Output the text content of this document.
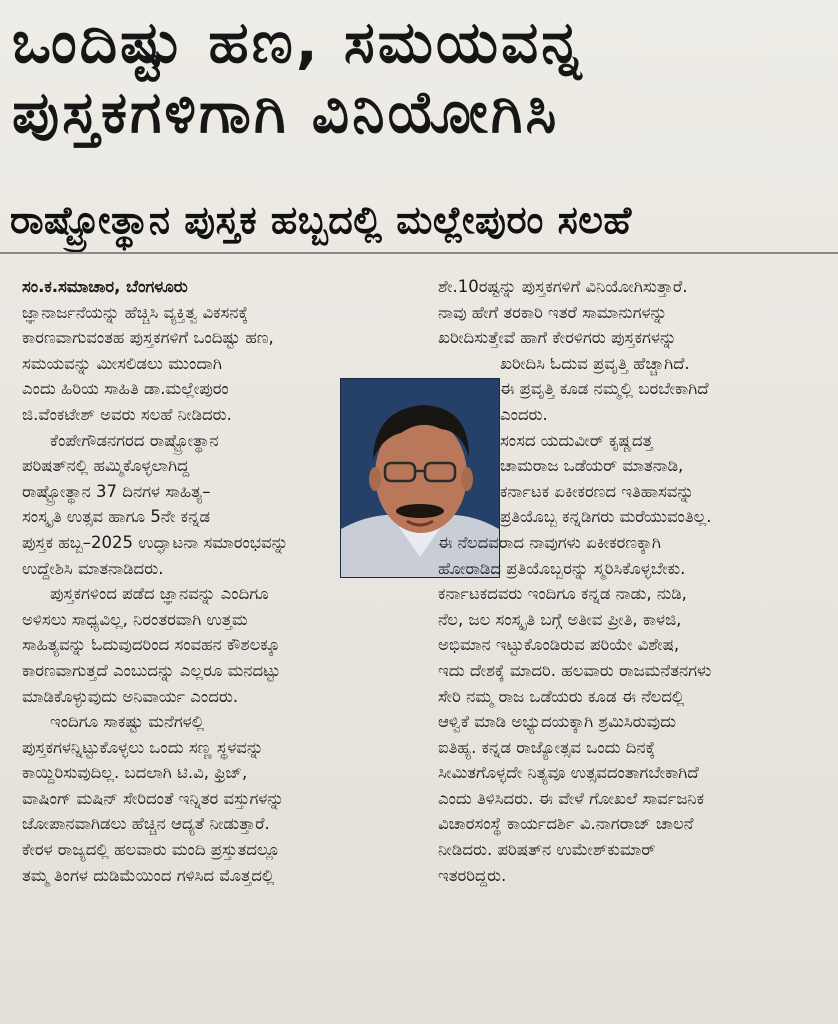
ಒಂದಿಷ್ಟು ಹಣ, ಸಮಯವನ್ನ
ಪುಸ್ತಕಗಳಿಗಾಗಿ ವಿನಿಯೋಗಿಸಿ
ರಾಷ್ಟ್ರೋತ್ಥಾನ ಪುಸ್ತಕ ಹಬ್ಬದಲ್ಲಿ ಮಲ್ಲೇಪುರಂ ಸಲಹೆ

ಸಂ.ಕ.ಸಮಾಚಾರ, ಬೆಂಗಳೂರು

ಜ್ಞಾನಾರ್ಜನೆಯನ್ನು ಹೆಚ್ಚಿಸಿ ವ್ಯಕ್ತಿತ್ವ ವಿಕಸನಕ್ಕೆ

ಕಾರಣವಾಗುವಂತಹ ಪುಸ್ತಕಗಳಿಗೆ ಒಂದಿಷ್ಟು ಹಣ,

ಸಮಯವನ್ನು ಮೀಸಲಿಡಲು ಮುಂದಾಗಿ

ಎಂದು ಹಿರಿಯ ಸಾಹಿತಿ ಡಾ.ಮಲ್ಲೇಪುರಂ

ಜಿ.ವೆಂಕಟೇಶ್ ಅವರು ಸಲಹೆ ನೀಡಿದರು.

ಕೆಂಪೇಗೌಡನಗರದ ರಾಷ್ಟ್ರೋತ್ಥಾನ

ಪರಿಷತ್‌ನಲ್ಲಿ ಹಮ್ಮಿಕೊಳ್ಳಲಾಗಿದ್ದ

ರಾಷ್ಟ್ರೋತ್ಥಾನ 37 ದಿನಗಳ ಸಾಹಿತ್ಯ–

ಸಂಸ್ಕೃತಿ ಉತ್ಸವ ಹಾಗೂ 5ನೇ ಕನ್ನಡ

ಪುಸ್ತಕ ಹಬ್ಬ–2025 ಉದ್ಘಾಟನಾ ಸಮಾರಂಭವನ್ನು

ಉದ್ದೇಶಿಸಿ ಮಾತನಾಡಿದರು.

ಪುಸ್ತಕಗಳಿಂದ ಪಡೆದ ಜ್ಞಾನವನ್ನು ಎಂದಿಗೂ

ಅಳಿಸಲು ಸಾಧ್ಯವಿಲ್ಲ, ನಿರಂತರವಾಗಿ ಉತ್ತಮ

ಸಾಹಿತ್ಯವನ್ನು ಓದುವುದರಿಂದ ಸಂವಹನ ಕೌಶಲಕ್ಕೂ

ಕಾರಣವಾಗುತ್ತದೆ ಎಂಬುದನ್ನು ಎಲ್ಲರೂ ಮನದಟ್ಟು

ಮಾಡಿಕೊಳ್ಳುವುದು ಅನಿವಾರ್ಯ ಎಂದರು.

ಇಂದಿಗೂ ಸಾಕಷ್ಟು ಮನೆಗಳಲ್ಲಿ

ಪುಸ್ತಕಗಳನ್ನಿಟ್ಟುಕೊಳ್ಳಲು ಒಂದು ಸಣ್ಣ ಸ್ಥಳವನ್ನು

ಕಾಯ್ದಿರಿಸುವುದಿಲ್ಲ. ಬದಲಾಗಿ ಟಿ.ವಿ, ಫ್ರಿಜ್,

ವಾಷಿಂಗ್ ಮಷಿನ್ ಸೇರಿದಂತೆ ಇನ್ನಿತರ ವಸ್ತುಗಳನ್ನು

ಜೋಪಾನವಾಗಿಡಲು ಹೆಚ್ಚಿನ ಆದ್ಯತೆ ನೀಡುತ್ತಾರೆ.

ಕೇರಳ ರಾಜ್ಯದಲ್ಲಿ ಹಲವಾರು ಮಂದಿ ಪ್ರಸ್ತುತದಲ್ಲೂ

ತಮ್ಮ ತಿಂಗಳ ದುಡಿಮೆಯಿಂದ ಗಳಿಸಿದ ಮೊತ್ತದಲ್ಲಿ

ಶೇ.10ರಷ್ಟನ್ನು ಪುಸ್ತಕಗಳಿಗೆ ವಿನಿಯೋಗಿಸುತ್ತಾರೆ.

ನಾವು ಹೇಗೆ ತರಕಾರಿ ಇತರೆ ಸಾಮಾನುಗಳನ್ನು

ಖರೀದಿಸುತ್ತೇವೆ ಹಾಗೆ ಕೇರಳಿಗರು ಪುಸ್ತಕಗಳನ್ನು

ಖರೀದಿಸಿ ಓದುವ ಪ್ರವೃತ್ತಿ ಹೆಚ್ಚಾಗಿದೆ.

ಈ ಪ್ರವೃತ್ತಿ ಕೂಡ ನಮ್ಮಲ್ಲಿ ಬರಬೇಕಾಗಿದೆ

ಎಂದರು.

ಸಂಸದ ಯದುವೀರ್ ಕೃಷ್ಣದತ್ತ

ಚಾಮರಾಜ ಒಡೆಯರ್ ಮಾತನಾಡಿ,

ಕರ್ನಾಟಕ ಏಕೀಕರಣದ ಇತಿಹಾಸವನ್ನು

ಪ್ರತಿಯೊಬ್ಬ ಕನ್ನಡಿಗರು ಮರೆಯುವಂತಿಲ್ಲ.

ಈ ನೆಲದವರಾದ ನಾವುಗಳು ಏಕೀಕರಣಕ್ಕಾಗಿ

ಹೋರಾಡಿದ ಪ್ರತಿಯೊಬ್ಬರನ್ನು ಸ್ಮರಿಸಿಕೊಳ್ಳಬೇಕು.

ಕರ್ನಾಟಕದವರು ಇಂದಿಗೂ ಕನ್ನಡ ನಾಡು, ನುಡಿ,

ನೆಲ, ಜಲ ಸಂಸ್ಕೃತಿ ಬಗ್ಗೆ ಅತೀವ ಪ್ರೀತಿ, ಕಾಳಜಿ,

ಅಭಿಮಾನ ಇಟ್ಟುಕೊಂಡಿರುವ ಪರಿಯೇ ವಿಶೇಷ,

ಇದು ದೇಶಕ್ಕೆ ಮಾದರಿ. ಹಲವಾರು ರಾಜಮನೆತನಗಳು

ಸೇರಿ ನಮ್ಮ ರಾಜ ಒಡೆಯರು ಕೂಡ ಈ ನೆಲದಲ್ಲಿ

ಆಳ್ವಿಕೆ ಮಾಡಿ ಅಭ್ಯುದಯಕ್ಕಾಗಿ ಶ್ರಮಿಸಿರುವುದು

ಐತಿಹ್ಯ. ಕನ್ನಡ ರಾಜ್ಯೋತ್ಸವ ಒಂದು ದಿನಕ್ಕೆ

ಸೀಮಿತಗೊಳ್ಳದೇ ನಿತ್ಯವೂ ಉತ್ಸವದಂತಾಗಬೇಕಾಗಿದೆ

ಎಂದು ತಿಳಿಸಿದರು. ಈ ವೇಳೆ ಗೋಖಲೆ ಸಾರ್ವಜನಿಕ

ವಿಚಾರಸಂಸ್ಥೆ ಕಾರ್ಯದರ್ಶಿ ವಿ.ನಾಗರಾಜ್ ಚಾಲನೆ

ನೀಡಿದರು. ಪರಿಷತ್‌ನ ಉಮೇಶ್‌ಕುಮಾರ್

ಇತರರಿದ್ದರು.
